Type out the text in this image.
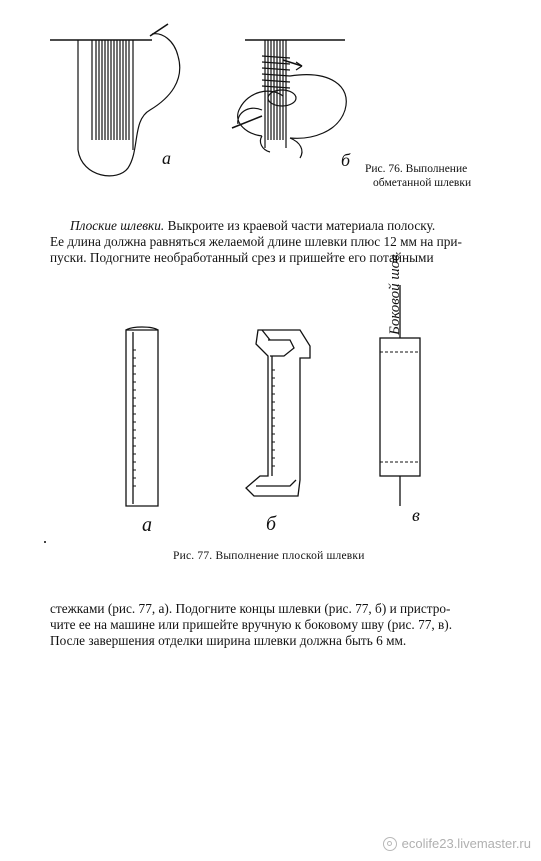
а	б Рис. 76. Выполнение
обметанной шлевки
Плоские шлевки. Выкроите из краевой части материала полоску.
Ее длина должна равняться желаемой длине шлевки плюс 12 мм на при-
пуски. Подогните необработанный срез и пришейте его потайными
а	б
Боковой шов
в
Рис. 77. Выполнение плоской шлевки
стежками (рис. 77, а). Подогните концы шлевки (рис. 77, б) и пристро-
чите ее на машине или пришейте вручную к боковому шву (рис. 77, в).
После завершения отделки ширина шлевки должна быть 6 мм.
ecolife23.livemaster.ru
